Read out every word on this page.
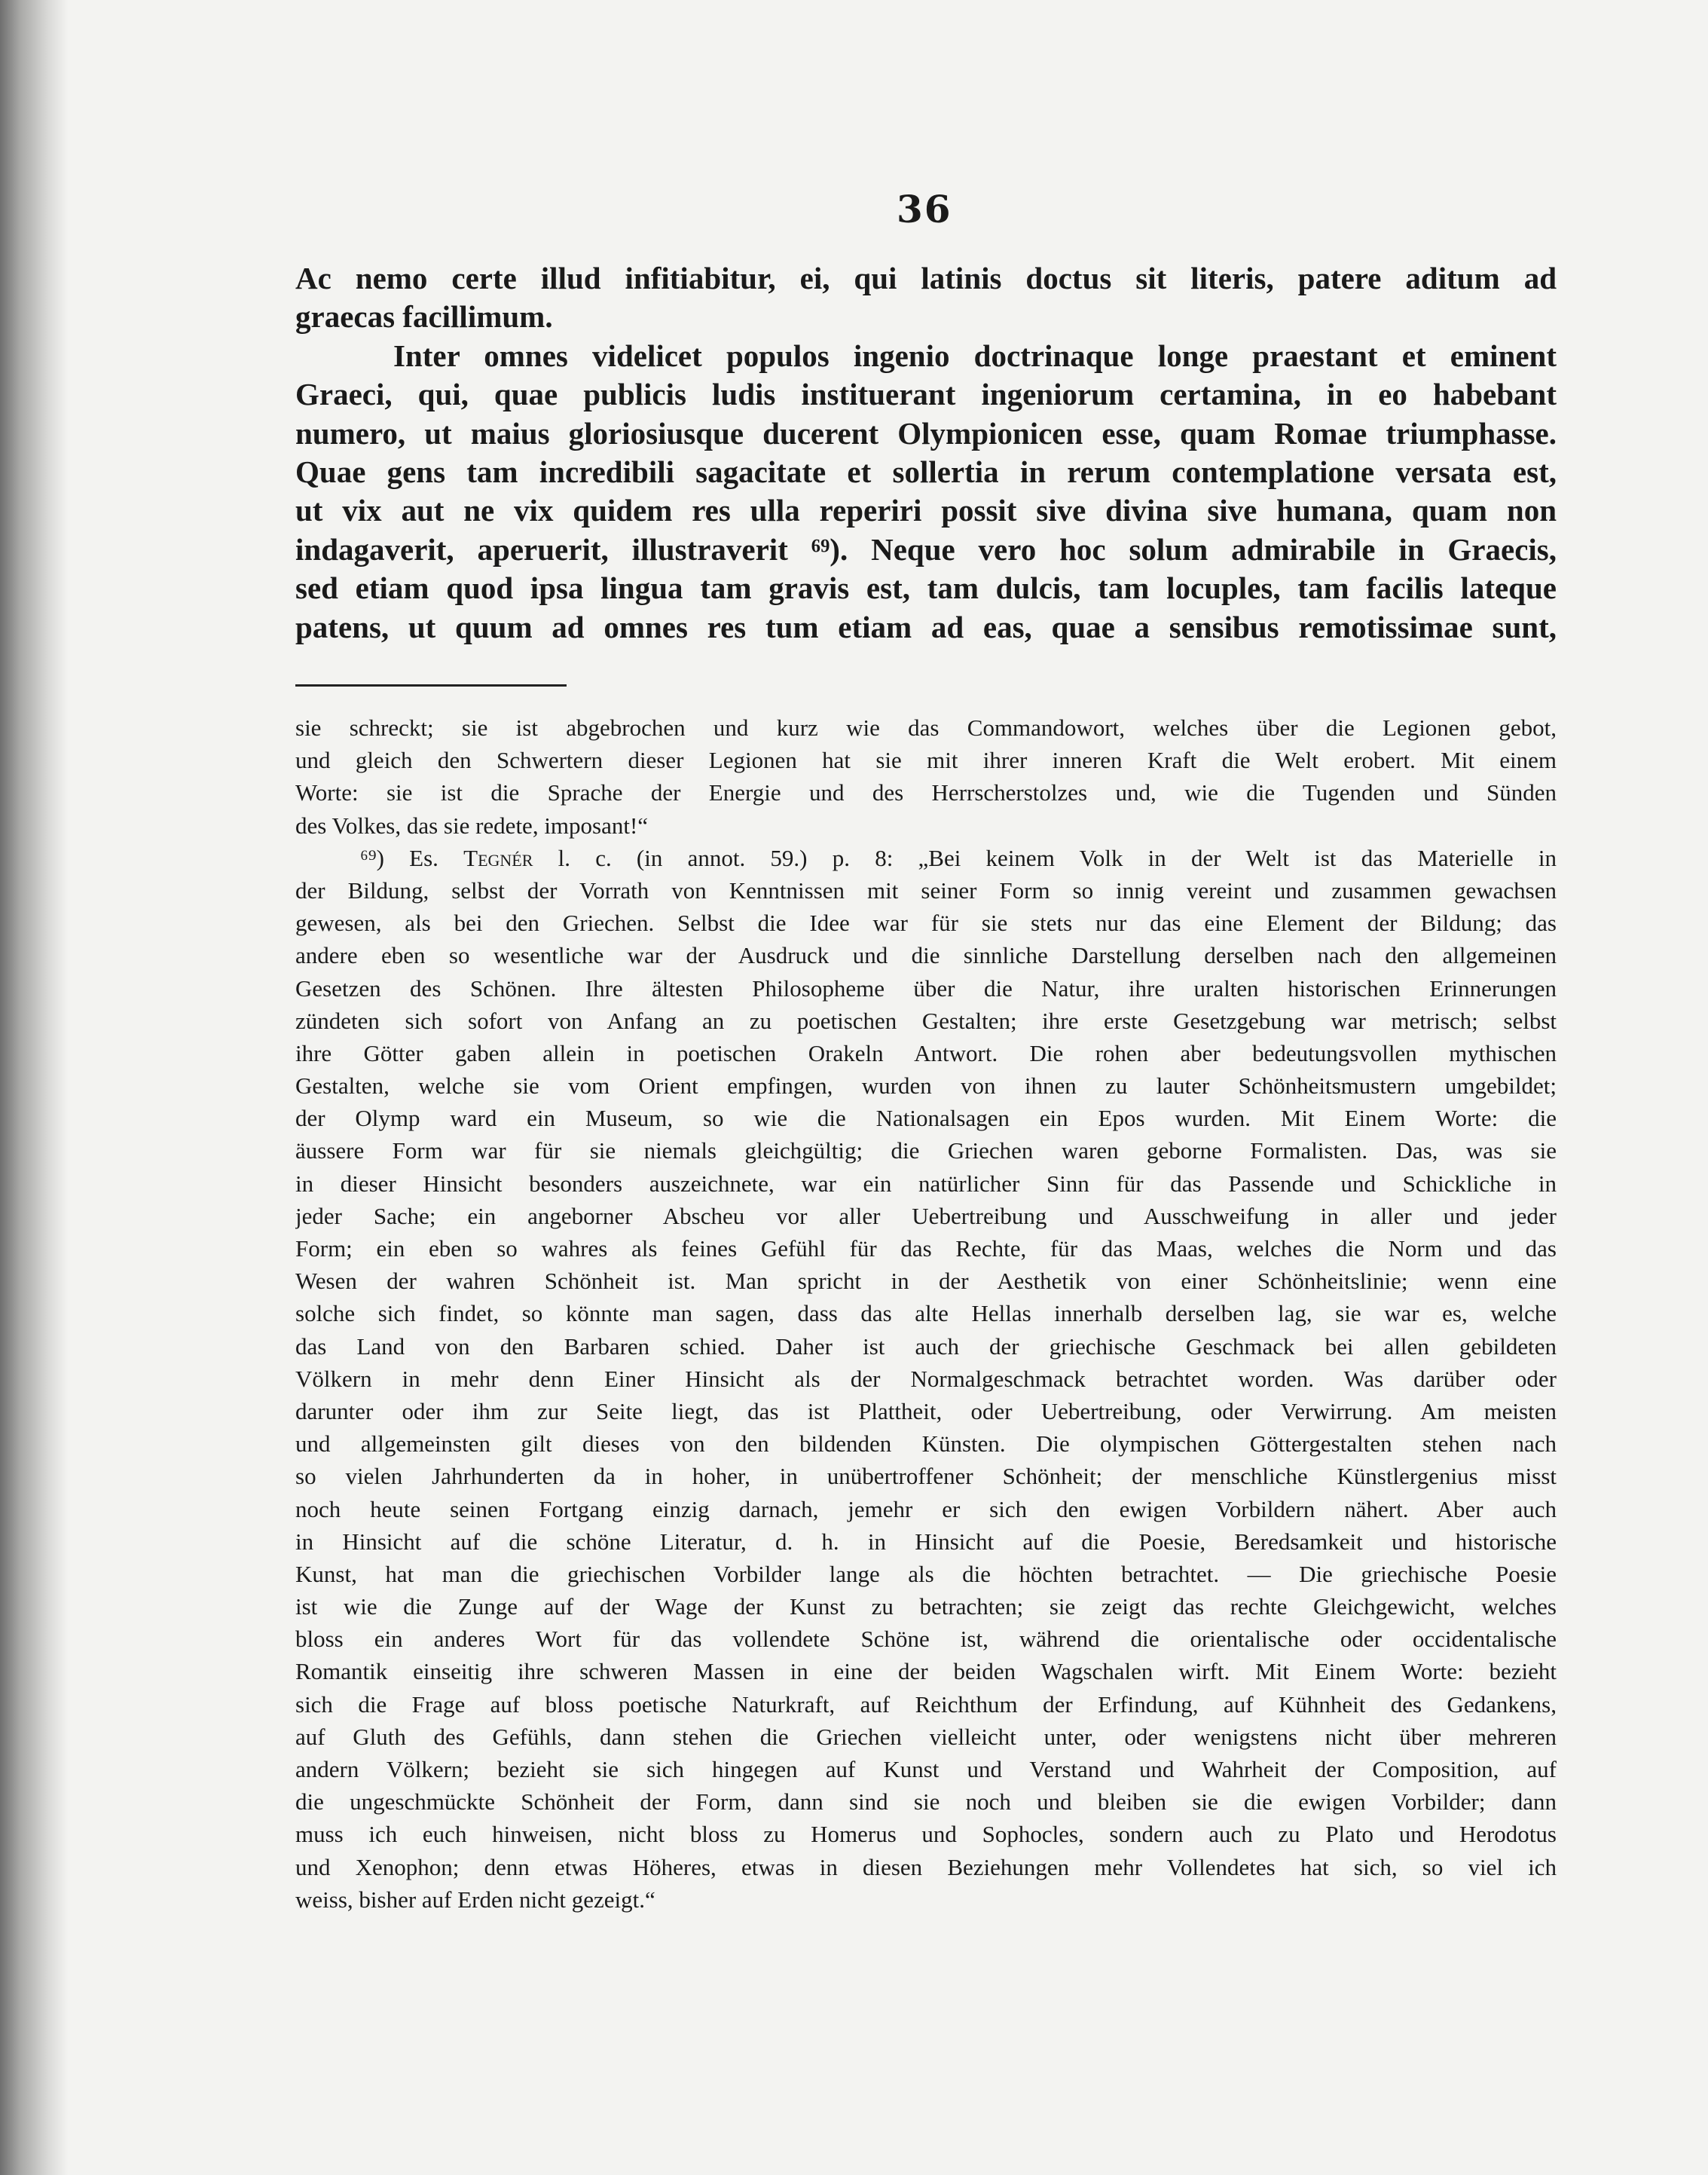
36
Ac nemo certe illud infitiabitur, ei, qui latinis doctus sit literis, patere aditum ad
graecas facillimum.
Inter omnes videlicet populos ingenio doctrinaque longe praestant et eminent
Graeci, qui, quae publicis ludis instituerant ingeniorum certamina, in eo habebant
numero, ut maius gloriosiusque ducerent Olympionicen esse, quam Romae triumphasse.
Quae gens tam incredibili sagacitate et sollertia in rerum contemplatione versata est,
ut vix aut ne vix quidem res ulla reperiri possit sive divina sive humana, quam non
indagaverit, aperuerit, illustraverit ⁶⁹). Neque vero hoc solum admirabile in Graecis,
sed etiam quod ipsa lingua tam gravis est, tam dulcis, tam locuples, tam facilis lateque
patens, ut quum ad omnes res tum etiam ad eas, quae a sensibus remotissimae sunt,
sie schreckt; sie ist abgebrochen und kurz wie das Commandowort, welches über die Legionen gebot,
und gleich den Schwertern dieser Legionen hat sie mit ihrer inneren Kraft die Welt erobert. Mit einem
Worte: sie ist die Sprache der Energie und des Herrscherstolzes und, wie die Tugenden und Sünden
des Volkes, das sie redete, imposant!“
⁶⁹) Es. Tegnér l. c. (in annot. 59.) p. 8: „Bei keinem Volk in der Welt ist das Materielle in
der Bildung, selbst der Vorrath von Kenntnissen mit seiner Form so innig vereint und zusammen gewachsen
gewesen, als bei den Griechen. Selbst die Idee war für sie stets nur das eine Element der Bildung; das
andere eben so wesentliche war der Ausdruck und die sinnliche Darstellung derselben nach den allgemeinen
Gesetzen des Schönen. Ihre ältesten Philosopheme über die Natur, ihre uralten historischen Erinnerungen
zündeten sich sofort von Anfang an zu poetischen Gestalten; ihre erste Gesetzgebung war metrisch; selbst
ihre Götter gaben allein in poetischen Orakeln Antwort. Die rohen aber bedeutungsvollen mythischen
Gestalten, welche sie vom Orient empfingen, wurden von ihnen zu lauter Schönheitsmustern umgebildet;
der Olymp ward ein Museum, so wie die Nationalsagen ein Epos wurden. Mit Einem Worte: die
äussere Form war für sie niemals gleichgültig; die Griechen waren geborne Formalisten. Das, was sie
in dieser Hinsicht besonders auszeichnete, war ein natürlicher Sinn für das Passende und Schickliche in
jeder Sache; ein angeborner Abscheu vor aller Uebertreibung und Ausschweifung in aller und jeder
Form; ein eben so wahres als feines Gefühl für das Rechte, für das Maas, welches die Norm und das
Wesen der wahren Schönheit ist. Man spricht in der Aesthetik von einer Schönheitslinie; wenn eine
solche sich findet, so könnte man sagen, dass das alte Hellas innerhalb derselben lag, sie war es, welche
das Land von den Barbaren schied. Daher ist auch der griechische Geschmack bei allen gebildeten
Völkern in mehr denn Einer Hinsicht als der Normalgeschmack betrachtet worden. Was darüber oder
darunter oder ihm zur Seite liegt, das ist Plattheit, oder Uebertreibung, oder Verwirrung. Am meisten
und allgemeinsten gilt dieses von den bildenden Künsten. Die olympischen Göttergestalten stehen nach
so vielen Jahrhunderten da in hoher, in unübertroffener Schönheit; der menschliche Künstlergenius misst
noch heute seinen Fortgang einzig darnach, jemehr er sich den ewigen Vorbildern nähert. Aber auch
in Hinsicht auf die schöne Literatur, d. h. in Hinsicht auf die Poesie, Beredsamkeit und historische
Kunst, hat man die griechischen Vorbilder lange als die höchten betrachtet. — Die griechische Poesie
ist wie die Zunge auf der Wage der Kunst zu betrachten; sie zeigt das rechte Gleichgewicht, welches
bloss ein anderes Wort für das vollendete Schöne ist, während die orientalische oder occidentalische
Romantik einseitig ihre schweren Massen in eine der beiden Wagschalen wirft. Mit Einem Worte: bezieht
sich die Frage auf bloss poetische Naturkraft, auf Reichthum der Erfindung, auf Kühnheit des Gedankens,
auf Gluth des Gefühls, dann stehen die Griechen vielleicht unter, oder wenigstens nicht über mehreren
andern Völkern; bezieht sie sich hingegen auf Kunst und Verstand und Wahrheit der Composition, auf
die ungeschmückte Schönheit der Form, dann sind sie noch und bleiben sie die ewigen Vorbilder; dann
muss ich euch hinweisen, nicht bloss zu Homerus und Sophocles, sondern auch zu Plato und Herodotus
und Xenophon; denn etwas Höheres, etwas in diesen Beziehungen mehr Vollendetes hat sich, so viel ich
weiss, bisher auf Erden nicht gezeigt.“
